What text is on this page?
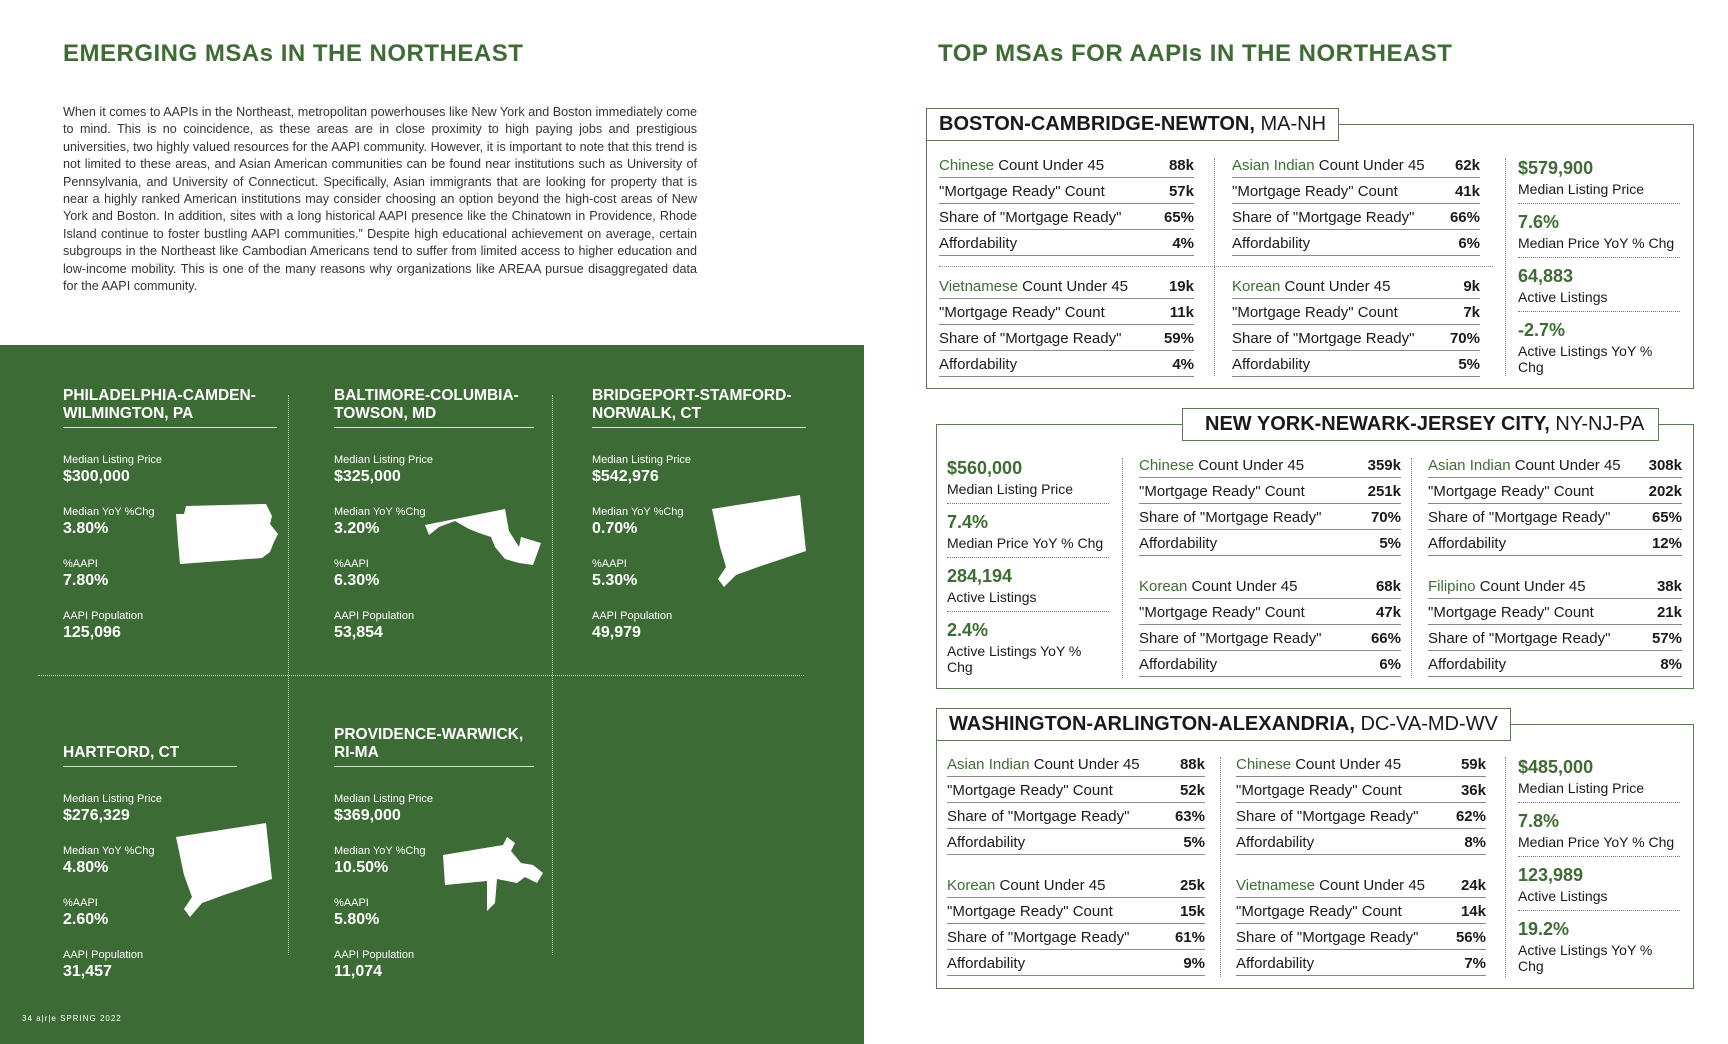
EMERGING MSAs IN THE NORTHEAST

When it comes to AAPIs in the Northeast, metropolitan powerhouses like New York and Boston immediately come to mind. This is no coincidence, as these areas are in close proximity to high paying jobs and prestigious universities, two highly valued resources for the AAPI community. However, it is important to note that this trend is not limited to these areas, and Asian American communities can be found near institutions such as University of Pennsylvania, and University of Connecticut. Specifically, Asian immigrants that are looking for property that is near a highly ranked American institutions may consider choosing an option beyond the high-cost areas of New York and Boston. In addition, sites with a long historical AAPI presence like the Chinatown in Providence, Rhode Island continue to foster bustling AAPI communities.” Despite high educational achievement on average, certain subgroups in the Northeast like Cambodian Americans tend to suffer from limited access to higher education and low-income mobility. This is one of the many reasons why organizations like AREAA pursue disaggregated data for the AAPI community.

PHILADELPHIA-CAMDEN-WILMINGTON, PA
Median Listing Price
$300,000
Median YoY %Chg
3.80%
%AAPI
7.80%
AAPI Population
125,096
BALTIMORE-COLUMBIA-TOWSON, MD
Median Listing Price
$325,000
Median YoY %Chg
3.20%
%AAPI
6.30%
AAPI Population
53,854
BRIDGEPORT-STAMFORD-NORWALK, CT
Median Listing Price
$542,976
Median YoY %Chg
0.70%
%AAPI
5.30%
AAPI Population
49,979
HARTFORD, CT
Median Listing Price
$276,329
Median YoY %Chg
4.80%
%AAPI
2.60%
AAPI Population
31,457
PROVIDENCE-WARWICK, RI-MA
Median Listing Price
$369,000
Median YoY %Chg
10.50%
%AAPI
5.80%
AAPI Population
11,074
34 a|r|e SPRING 2022
TOP MSAs FOR AAPIs IN THE NORTHEAST
BOSTON-CAMBRIDGE-NEWTON, MA-NH
Chinese Count Under 45	88k
"Mortgage Ready" Count	57k
Share of "Mortgage Ready"	65%
Affordability	4%
Asian Indian Count Under 45 62k
"Mortgage Ready" Count	41k
Share of "Mortgage Ready" 66%
Affordability	6%
Vietnamese Count Under 45	19k
"Mortgage Ready" Count	11k
Share of "Mortgage Ready"	59%
Affordability	4%
Korean Count Under 45	9k
"Mortgage Ready" Count	7k
Share of "Mortgage Ready" 70%
Affordability	5%
$579,900
Median Listing Price
7.6%
Median Price YoY % Chg
64,883
Active Listings
-2.7%
Active Listings YoY % Chg
NEW YORK-NEWARK-JERSEY CITY, NY-NJ-PA
$560,000
Median Listing Price
7.4%
Median Price YoY % Chg
284,194
Active Listings
2.4%
Active Listings YoY % Chg
Chinese Count Under 45	359k
"Mortgage Ready" Count	251k
Share of "Mortgage Ready"	70%
Affordability	5%
Asian Indian Count Under 45 308k
"Mortgage Ready" Count	202k
Share of "Mortgage Ready"	65%
Affordability	12%
Korean Count Under 45	68k
"Mortgage Ready" Count	47k
Share of "Mortgage Ready"	66%
Affordability	6%
Filipino Count Under 45	38k
"Mortgage Ready" Count	21k
Share of "Mortgage Ready"	57%
Affordability	8%
WASHINGTON-ARLINGTON-ALEXANDRIA, DC-VA-MD-WV
Asian Indian Count Under 45	88k
"Mortgage Ready" Count	52k
Share of "Mortgage Ready"	63%
Affordability	5%
Chinese Count Under 45	59k
"Mortgage Ready" Count	36k
Share of "Mortgage Ready"	62%
Affordability	8%
Korean Count Under 45	25k
"Mortgage Ready" Count	15k
Share of "Mortgage Ready"	61%
Affordability	9%
Vietnamese Count Under 45 24k
"Mortgage Ready" Count	14k
Share of "Mortgage Ready"	56%
Affordability	7%
$485,000
Median Listing Price
7.8%
Median Price YoY % Chg
123,989
Active Listings
19.2%
Active Listings YoY % Chg
